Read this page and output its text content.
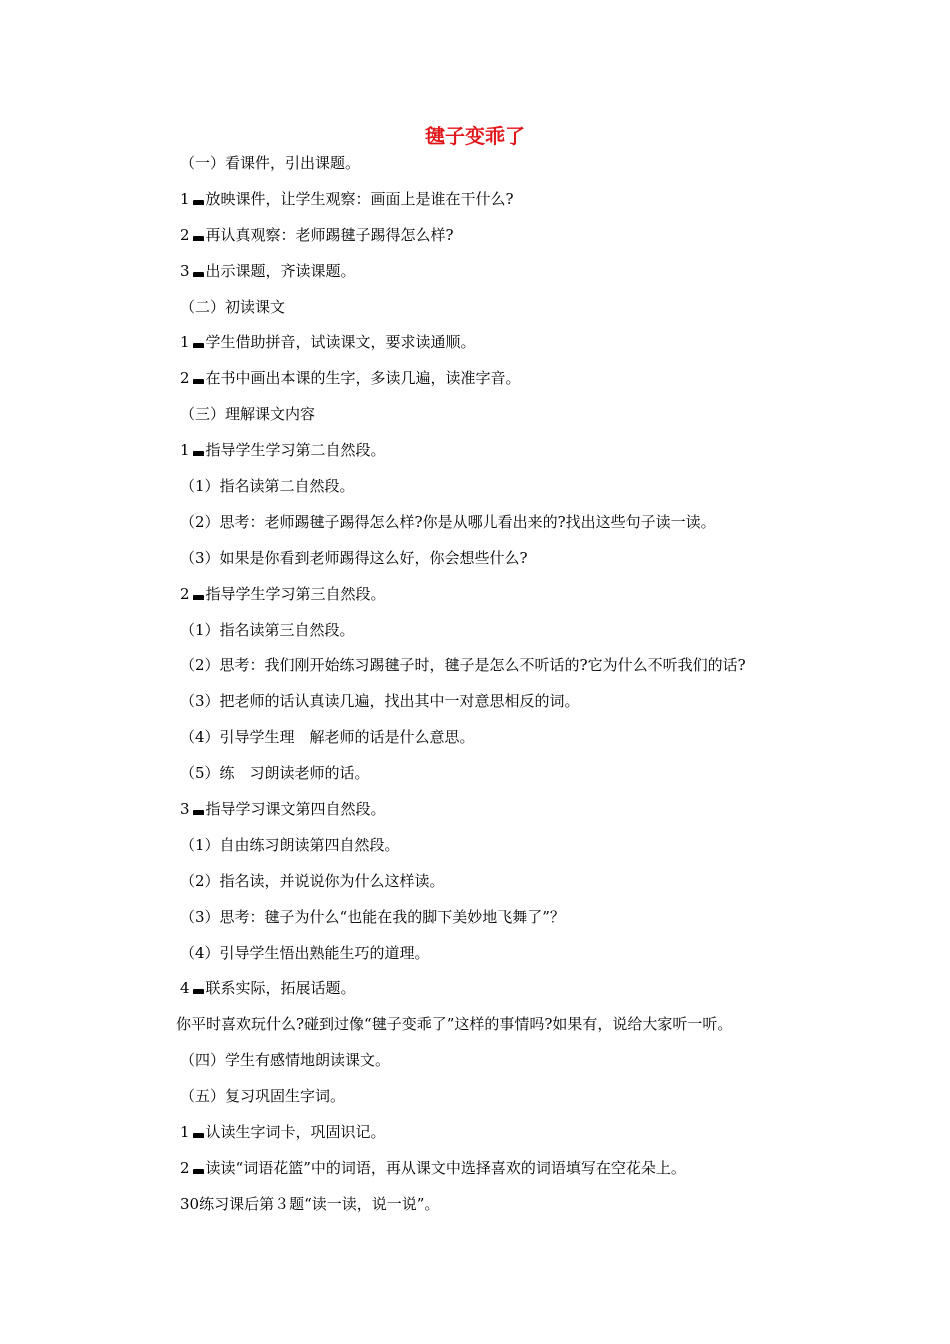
毽子变乖了
（一）看课件，引出课题。
1 放映课件，让学生观察：画面上是谁在干什么?
2 再认真观察：老师踢毽子踢得怎么样?
3 出示课题，齐读课题。
（二）初读课文
1 学生借助拼音，试读课文，要求读通顺。
2 在书中画出本课的生字，多读几遍，读准字音。
（三）理解课文内容
1 指导学生学习第二自然段。
（1）指名读第二自然段。
（2）思考：老师踢毽子踢得怎么样?你是从哪儿看出来的?找出这些句子读一读。
（3）如果是你看到老师踢得这么好，你会想些什么?
2 指导学生学习第三自然段。
（1）指名读第三自然段。
（2）思考：我们刚开始练习踢毽子时，毽子是怎么不听话的?它为什么不听我们的话?
（3）把老师的话认真读几遍，找出其中一对意思相反的词。
（4）引导学生理　解老师的话是什么意思。
（5）练　习朗读老师的话。
3 指导学习课文第四自然段。
（1）自由练习朗读第四自然段。
（2）指名读，并说说你为什么这样读。
（3）思考：毽子为什么“也能在我的脚下美妙地飞舞了”？
（4）引导学生悟出熟能生巧的道理。
4 联系实际，拓展话题。
你平时喜欢玩什么?碰到过像“毽子变乖了”这样的事情吗?如果有，说给大家听一听。
（四）学生有感情地朗读课文。
（五）复习巩固生字词。
1 认读生字词卡，巩固识记。
2 读读“词语花篮”中的词语，再从课文中选择喜欢的词语填写在空花朵上。
30练习课后第３题“读一读，说一说”。
